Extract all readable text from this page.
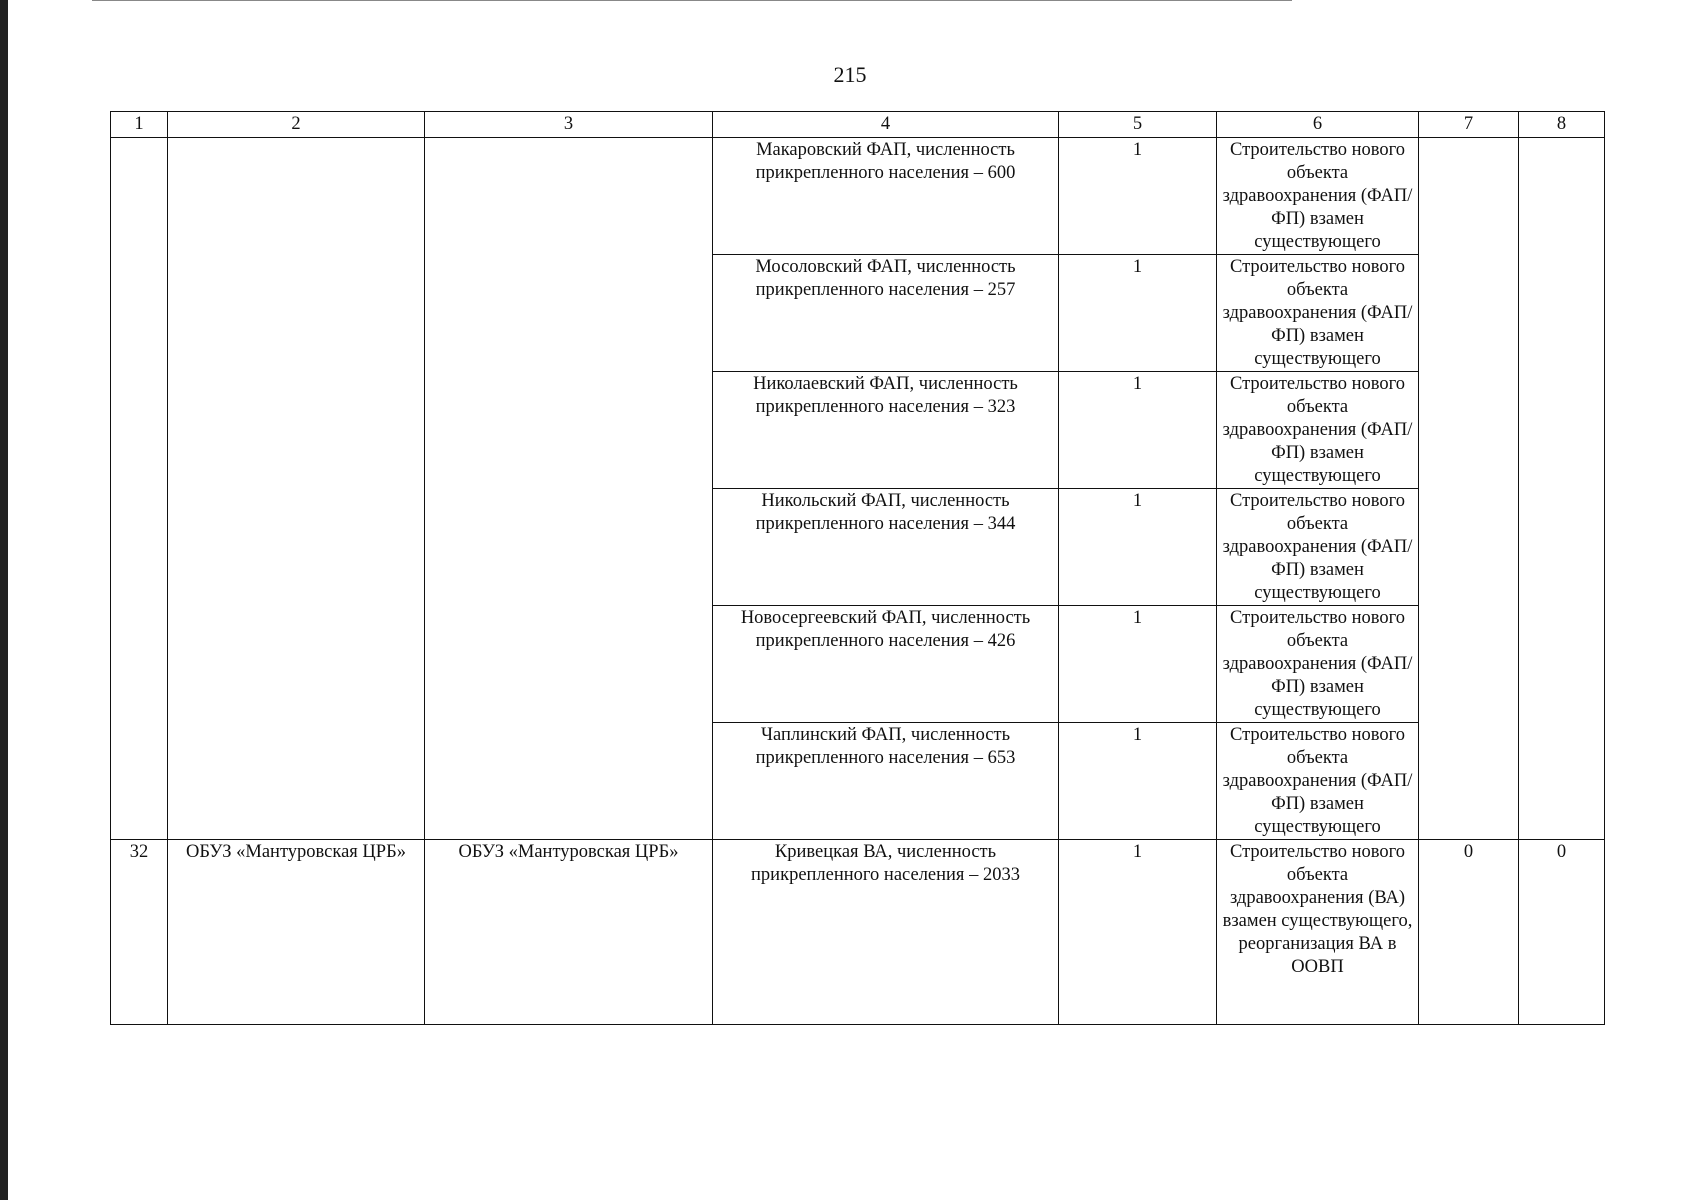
215
1	2	3	4	5	6	7	8
			Макаровский ФАП, численность прикрепленного населения – 600	1	Строительство нового объекта здравоохранения (ФАП/ФП) взамен существующего		
			Мосоловский ФАП, численность прикрепленного населения – 257	1	Строительство нового объекта здравоохранения (ФАП/ФП) взамен существующего		
			Николаевский ФАП, численность прикрепленного населения – 323	1	Строительство нового объекта здравоохранения (ФАП/ФП) взамен существующего		
			Никольский ФАП, численность прикрепленного населения – 344	1	Строительство нового объекта здравоохранения (ФАП/ФП) взамен существующего		
			Новосергеевский ФАП, численность прикрепленного населения – 426	1	Строительство нового объекта здравоохранения (ФАП/ФП) взамен существующего		
			Чаплинский ФАП, численность прикрепленного населения – 653	1	Строительство нового объекта здравоохранения (ФАП/ФП) взамен существующего		
32	ОБУЗ «Мантуровская ЦРБ»	ОБУЗ «Мантуровская ЦРБ»	Кривецкая ВА, численность прикрепленного населения – 2033	1	Строительство нового объекта здравоохранения (ВА) взамен существующего, реорганизация ВА в ООВП	0	0
